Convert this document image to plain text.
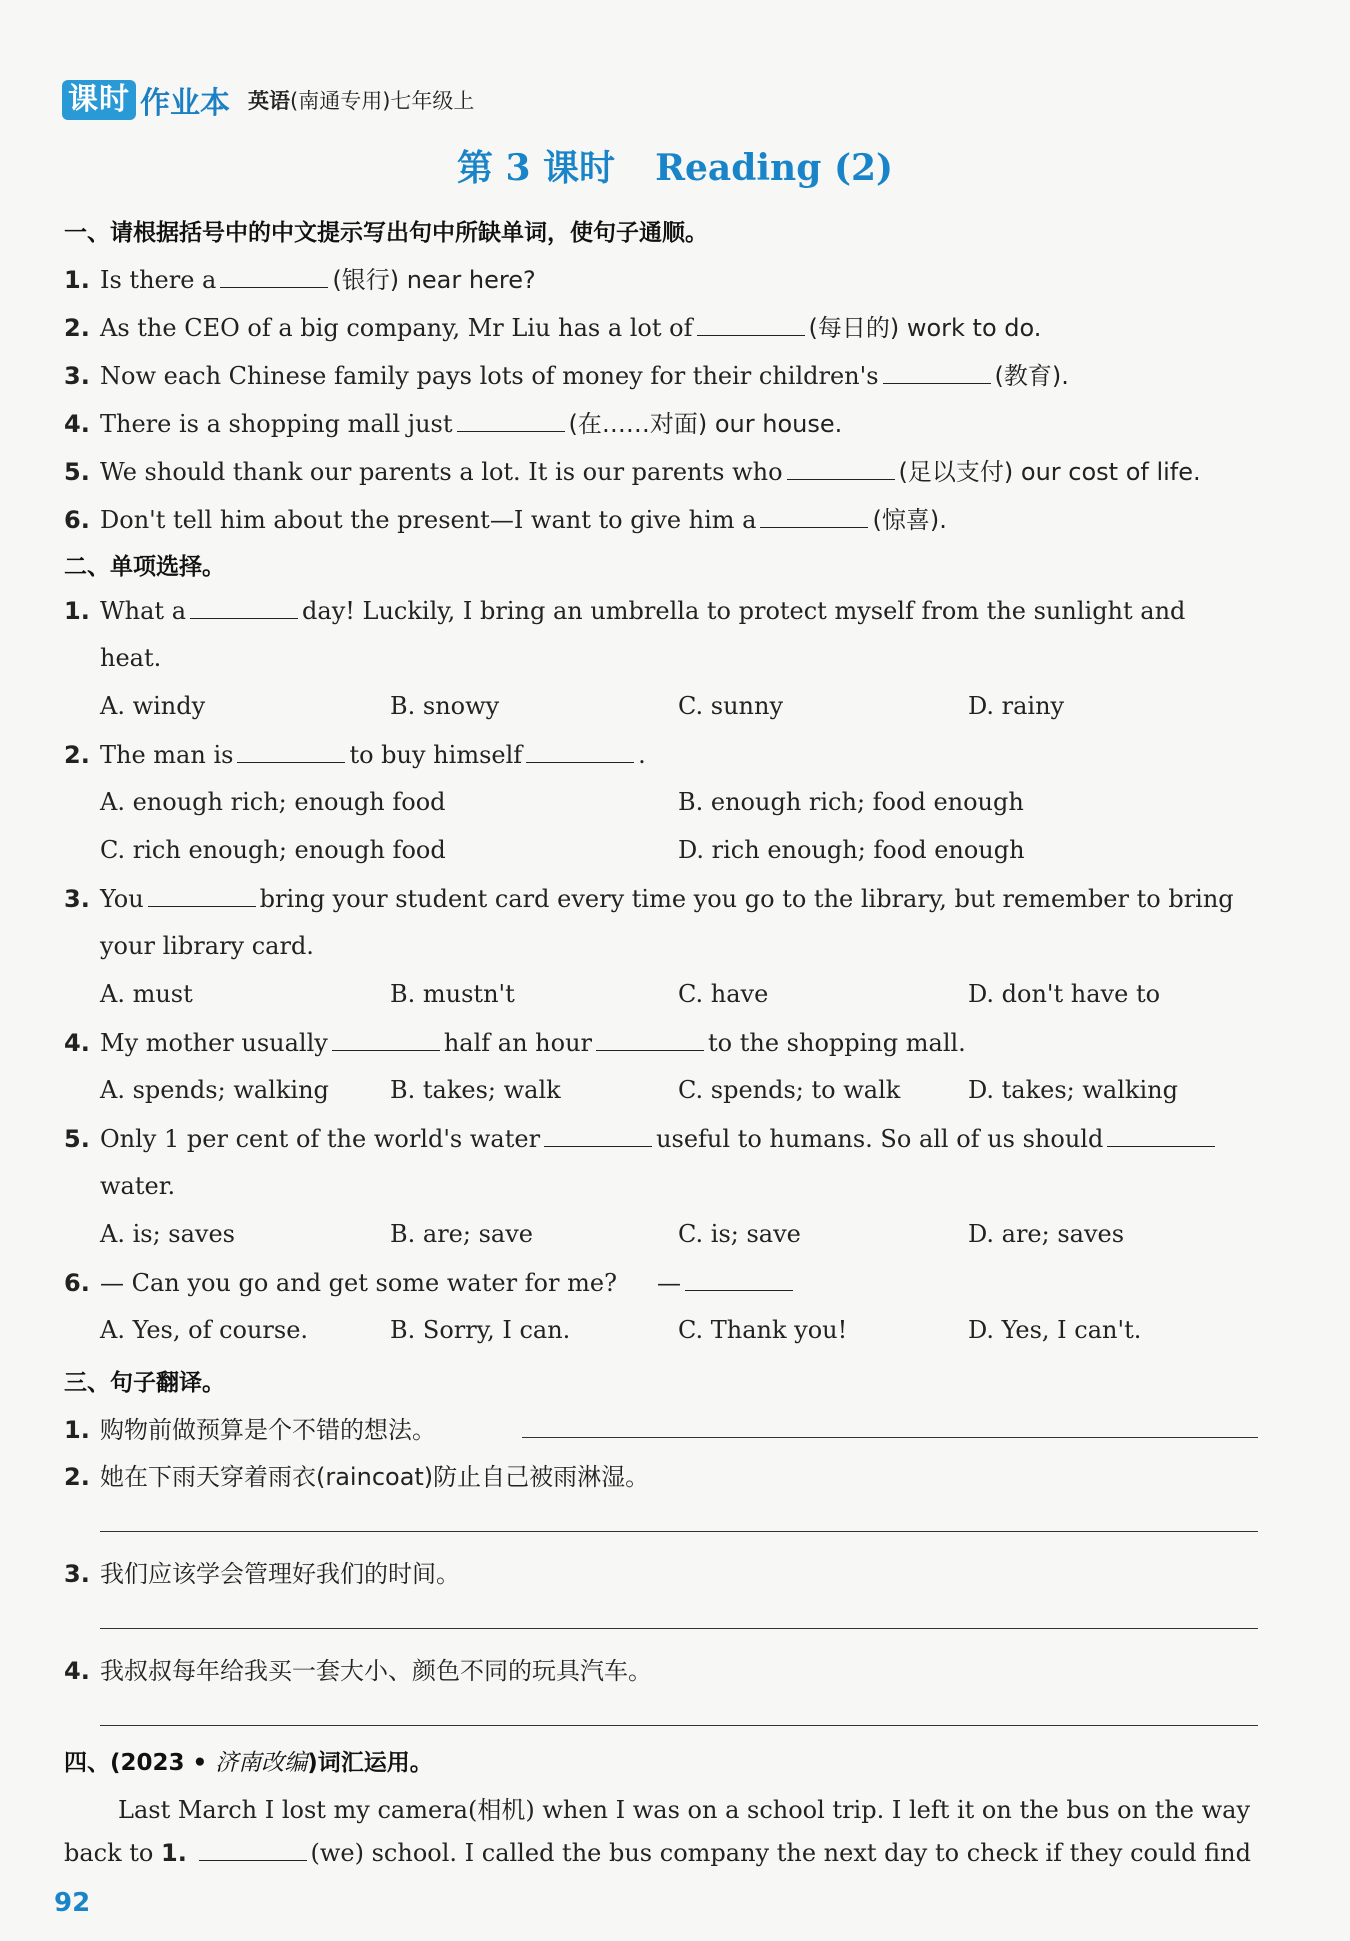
课时 作业本 英语(南通专用)七年级上
第 3 课时 Reading (2)
一、请根据括号中的中文提示写出句中所缺单词，使句子通顺。
1. Is there a	(银行) near here?
2. As the CEO of a big company, Mr Liu has a lot of	(每日的) work to do.
3. Now each Chinese family pays lots of money for their children's	(教育).
4. There is a shopping mall just	(在……对面) our house.
5. We should thank our parents a lot. It is our parents who	(足以支付) our cost of life.
6. Don't tell him about the present—I want to give him a	(惊喜).
二、单项选择。
1. What a	day! Luckily, I bring an umbrella to protect myself from the sunlight and
heat.
A. windy	B. snowy	C. sunny	D. rainy
2. The man is	to buy himself	.
A. enough rich; enough food	B. enough rich; food enough
C. rich enough; enough food	D. rich enough; food enough
3. You	bring your student card every time you go to the library, but remember to bring
your library card.
A. must	B. mustn't	C. have	D. don't have to
4. My mother usually	half an hour	to the shopping mall.
A. spends; walking	B. takes; walk	C. spends; to walk	D. takes; walking
5. Only 1 per cent of the world's water	useful to humans. So all of us should
water.
A. is; saves	B. are; save	C. is; save	D. are; saves
6. — Can you go and get some water for me? —
A. Yes, of course.	B. Sorry, I can.	C. Thank you!	D. Yes, I can't.
三、句子翻译。
1. 购物前做预算是个不错的想法。
2. 她在下雨天穿着雨衣(raincoat)防止自己被雨淋湿。
3. 我们应该学会管理好我们的时间。
4. 我叔叔每年给我买一套大小、颜色不同的玩具汽车。
四、(2023 • 济南改编)词汇运用。
Last March I lost my camera(相机) when I was on a school trip. I left it on the bus on the way
back to 1.	(we) school. I called the bus company the next day to check if they could find
92
